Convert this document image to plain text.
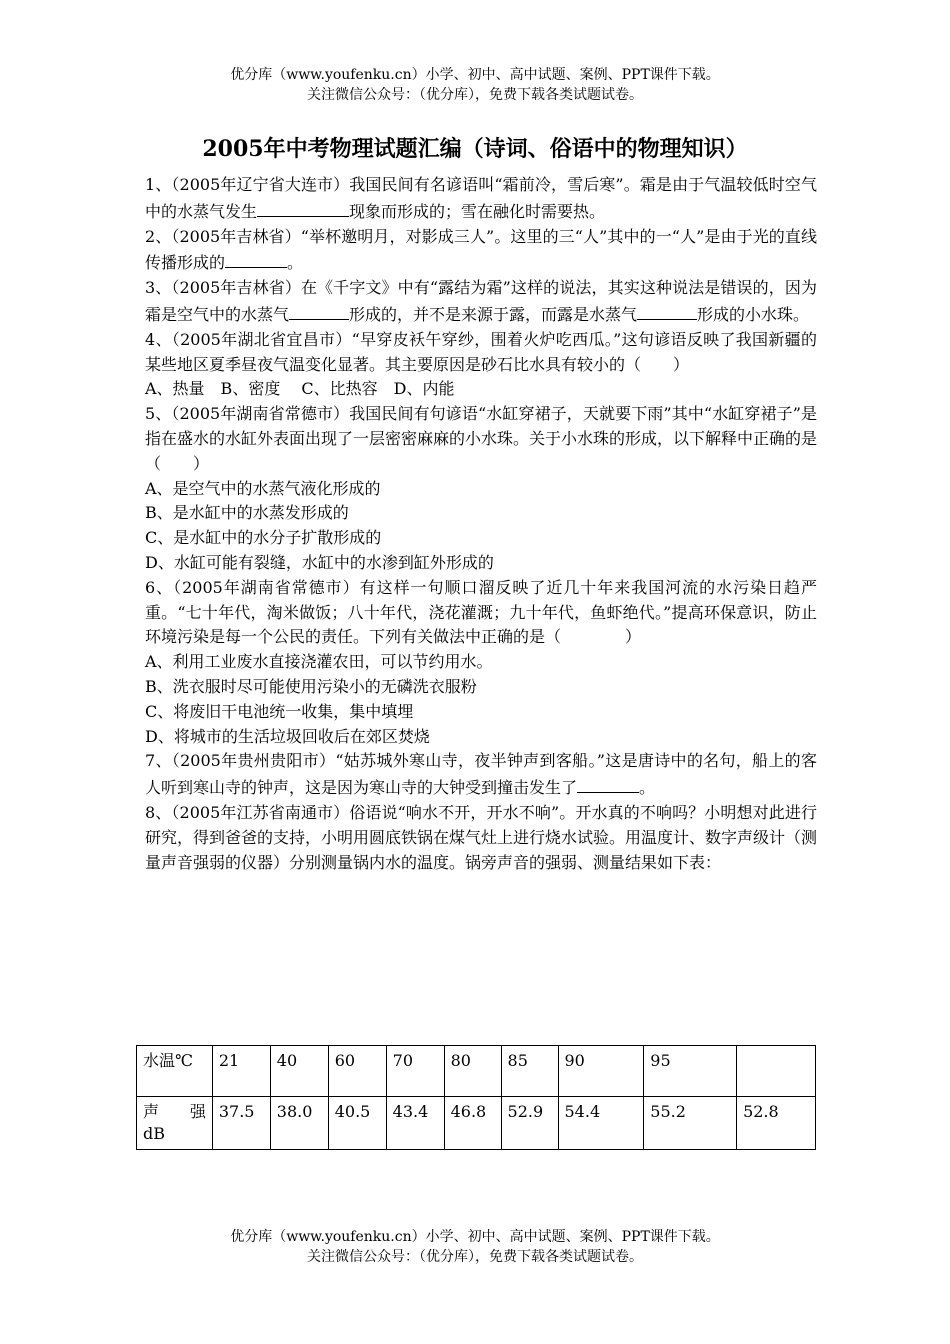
优分库（www.youfenku.cn）小学、初中、高中试题、案例、PPT课件下载。
关注微信公众号：（优分库），免费下载各类试题试卷。
2005年中考物理试题汇编（诗词、俗语中的物理知识）

1、（2005年辽宁省大连市）我国民间有名谚语叫“霜前冷，雪后寒”。霜是由于气温较低时空气中的水蒸气发生	现象而形成的；雪在融化时需要热。

2、（2005年吉林省）“举杯邀明月，对影成三人”。这里的三“人”其中的一“人”是由于光的直线传播形成的	。

3、（2005年吉林省）在《千字文》中有“露结为霜”这样的说法，其实这种说法是错误的，因为霜是空气中的水蒸气	形成的，并不是来源于露，而露是水蒸气	形成的小水珠。

4、（2005年湖北省宜昌市）“早穿皮袄午穿纱，围着火炉吃西瓜。”这句谚语反映了我国新疆的某些地区夏季昼夜气温变化显著。其主要原因是砂石比水具有较小的（　　）

A、热量　B、密度　 C、比热容　D、内能

5、（2005年湖南省常德市）我国民间有句谚语“水缸穿裙子，天就要下雨”其中“水缸穿裙子”是指在盛水的水缸外表面出现了一层密密麻麻的小水珠。关于小水珠的形成，以下解释中正确的是（　　）

A、是空气中的水蒸气液化形成的

B、是水缸中的水蒸发形成的

C、是水缸中的水分子扩散形成的

D、水缸可能有裂缝，水缸中的水渗到缸外形成的

6、（2005年湖南省常德市）有这样一句顺口溜反映了近几十年来我国河流的水污染日趋严重。“七十年代，淘米做饭；八十年代，浇花灌溉；九十年代，鱼虾绝代。”提高环保意识，防止环境污染是每一个公民的责任。下列有关做法中正确的是（　　　　）

A、利用工业废水直接浇灌农田，可以节约用水。

B、洗衣服时尽可能使用污染小的无磷洗衣服粉

C、将废旧干电池统一收集，集中填埋

D、将城市的生活垃圾回收后在郊区焚烧

7、（2005年贵州贵阳市）“姑苏城外寒山寺，夜半钟声到客船。”这是唐诗中的名句，船上的客人听到寒山寺的钟声，这是因为寒山寺的大钟受到撞击发生了	。

8、（2005年江苏省南通市）俗语说“响水不开，开水不响”。开水真的不响吗？小明想对此进行研究，得到爸爸的支持，小明用圆底铁锅在煤气灶上进行烧水试验。用温度计、数字声级计（测量声音强弱的仪器）分别测量锅内水的温度。锅旁声音的强弱、测量结果如下表：

水温℃	21	40	60	70	80	85	90	95	

声 强
dB	37.5	38.0	40.5	43.4	46.8	52.9	54.4	55.2	52.8
优分库（www.youfenku.cn）小学、初中、高中试题、案例、PPT课件下载。
关注微信公众号：（优分库），免费下载各类试题试卷。
